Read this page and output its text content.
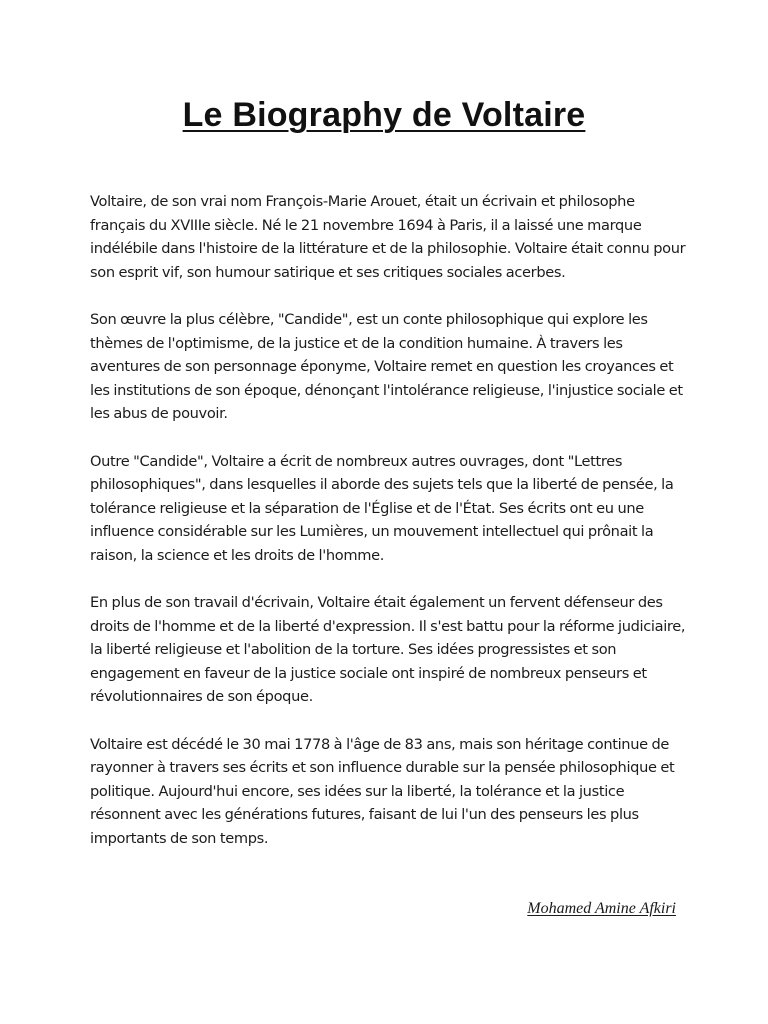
Le Biography de Voltaire

Voltaire, de son vrai nom François-Marie Arouet, était un écrivain et philosophe français du XVIIIe siècle. Né le 21 novembre 1694 à Paris, il a laissé une marque indélébile dans l'histoire de la littérature et de la philosophie. Voltaire était connu pour son esprit vif, son humour satirique et ses critiques sociales acerbes.

Son œuvre la plus célèbre, "Candide", est un conte philosophique qui explore les thèmes de l'optimisme, de la justice et de la condition humaine. À travers les aventures de son personnage éponyme, Voltaire remet en question les croyances et les institutions de son époque, dénonçant l'intolérance religieuse, l'injustice sociale et les abus de pouvoir.

Outre "Candide", Voltaire a écrit de nombreux autres ouvrages, dont "Lettres philosophiques", dans lesquelles il aborde des sujets tels que la liberté de pensée, la tolérance religieuse et la séparation de l'Église et de l'État. Ses écrits ont eu une influence considérable sur les Lumières, un mouvement intellectuel qui prônait la raison, la science et les droits de l'homme.

En plus de son travail d'écrivain, Voltaire était également un fervent défenseur des droits de l'homme et de la liberté d'expression. Il s'est battu pour la réforme judiciaire, la liberté religieuse et l'abolition de la torture. Ses idées progressistes et son engagement en faveur de la justice sociale ont inspiré de nombreux penseurs et révolutionnaires de son époque.

Voltaire est décédé le 30 mai 1778 à l'âge de 83 ans, mais son héritage continue de rayonner à travers ses écrits et son influence durable sur la pensée philosophique et politique. Aujourd'hui encore, ses idées sur la liberté, la tolérance et la justice résonnent avec les générations futures, faisant de lui l'un des penseurs les plus importants de son temps.

Mohamed Amine Afkiri
